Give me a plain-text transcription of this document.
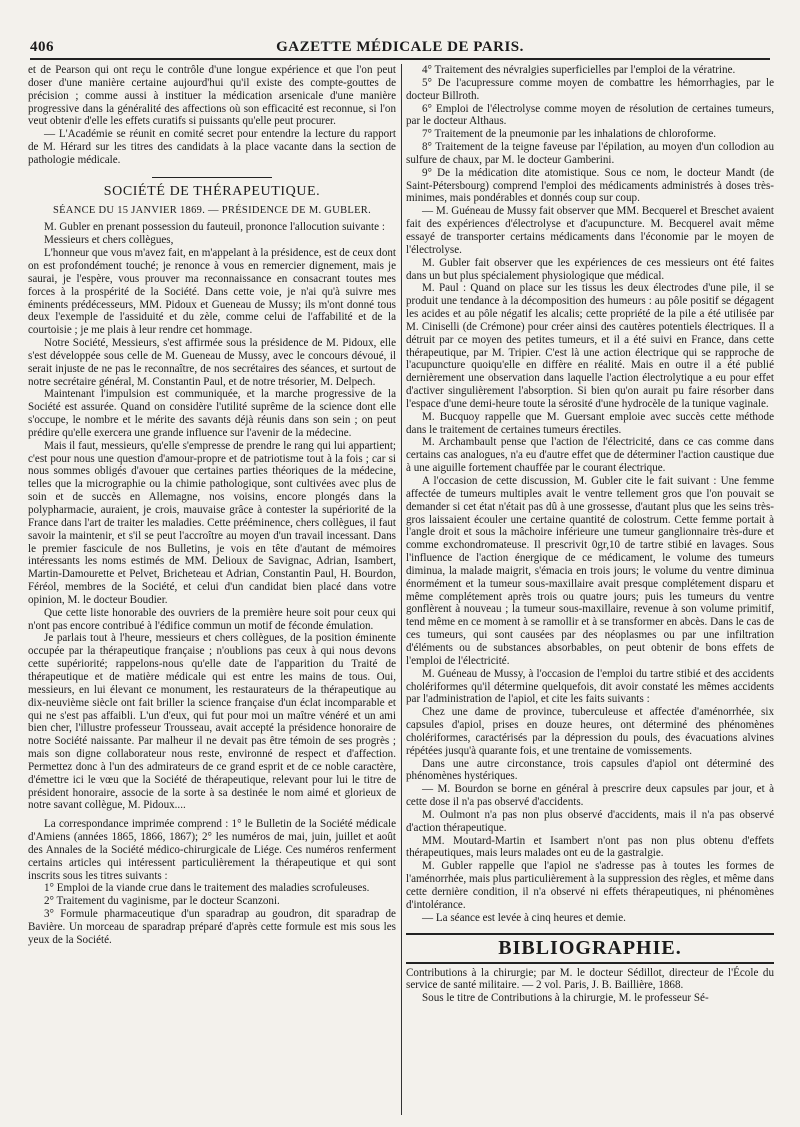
406	GAZETTE MÉDICALE DE PARIS.

et de Pearson qui ont reçu le contrôle d'une longue expérience et que l'on peut doser d'une manière certaine aujourd'hui qu'il existe des compte-gouttes de précision ; comme aussi à instituer la médication arsenicale d'une manière progressive dans la généralité des affections où son efficacité est reconnue, si l'on veut obtenir d'elle les effets curatifs si puissants qu'elle peut procurer.

— L'Académie se réunit en comité secret pour entendre la lecture du rapport de M. Hérard sur les titres des candidats à la place vacante dans la section de pathologie médicale.

SOCIÉTÉ DE THÉRAPEUTIQUE.

SÉANCE DU 15 JANVIER 1869. — PRÉSIDENCE DE M. GUBLER.

M. Gubler en prenant possession du fauteuil, prononce l'allocution suivante :

Messieurs et chers collègues,

L'honneur que vous m'avez fait, en m'appelant à la présidence, est de ceux dont on est profondément touché; je renonce à vous en remercier dignement, mais je saurai, je l'espère, vous prouver ma reconnaissance en consacrant toutes mes forces à la prospérité de la Société. Dans cette voie, je n'ai qu'à suivre mes éminents prédécesseurs, MM. Pidoux et Gueneau de Mussy; ils m'ont donné tous deux l'exemple de l'assiduité et du zèle, comme celui de l'affabilité et de la courtoisie ; je me plais à leur rendre cet hommage.

Notre Société, Messieurs, s'est affirmée sous la présidence de M. Pidoux, elle s'est développée sous celle de M. Gueneau de Mussy, avec le concours dévoué, il serait injuste de ne pas le reconnaître, de nos secrétaires des séances, et surtout de notre secrétaire général, M. Constantin Paul, et de notre trésorier, M. Delpech.

Maintenant l'impulsion est communiquée, et la marche progressive de la Société est assurée. Quand on considère l'utilité suprême de la science dont elle s'occupe, le nombre et le mérite des savants déjà réunis dans son sein ; on peut prédire qu'elle exercera une grande influence sur l'avenir de la médecine.

Mais il faut, messieurs, qu'elle s'empresse de prendre le rang qui lui appartient; c'est pour nous une question d'amour-propre et de patriotisme tout à la fois ; car si nous sommes obligés d'avouer que certaines parties théoriques de la médecine, telles que la micrographie ou la chimie pathologique, sont cultivées avec plus de soin et de succès en Allemagne, nos voisins, encore plongés dans la polypharmacie, auraient, je crois, mauvaise grâce à contester la supériorité de la France dans l'art de traiter les maladies. Cette prééminence, chers collègues, il faut savoir la maintenir, et s'il se peut l'accroître au moyen d'un travail incessant. Dans le premier fascicule de nos Bulletins, je vois en tête d'autant de mémoires intéressants les noms estimés de MM. Delioux de Savignac, Adrian, Isambert, Martin-Damourette et Pelvet, Bricheteau et Adrian, Constantin Paul, H. Bourdon, Féréol, membres de la Société, et celui d'un candidat bien placé dans votre opinion, M. le docteur Boudier.

Que cette liste honorable des ouvriers de la première heure soit pour ceux qui n'ont pas encore contribué à l'édifice commun un motif de féconde émulation.

Je parlais tout à l'heure, messieurs et chers collègues, de la position éminente occupée par la thérapeutique française ; n'oublions pas ceux à qui nous devons cette supériorité; rappelons-nous qu'elle date de l'apparition du Traité de thérapeutique et de matière médicale qui est entre les mains de tous. Oui, messieurs, en lui élevant ce monument, les restaurateurs de la thérapeutique au dix-neuvième siècle ont fait briller la science française d'un éclat incomparable et qui ne s'est pas affaibli. L'un d'eux, qui fut pour moi un maître vénéré et un ami bien cher, l'illustre professeur Trousseau, avait accepté la présidence honoraire de notre Société naissante. Par malheur il ne devait pas être témoin de ses progrès ; mais son digne collaborateur nous reste, environné de respect et d'affection. Permettez donc à l'un des admirateurs de ce grand esprit et de ce noble caractère, d'émettre ici le vœu que la Société de thérapeutique, relevant pour lui le titre de président honoraire, associe de la sorte à sa destinée le nom aimé et glorieux de notre savant collègue, M. Pidoux....

La correspondance imprimée comprend : 1° le Bulletin de la Société médicale d'Amiens (années 1865, 1866, 1867); 2° les numéros de mai, juin, juillet et août des Annales de la Société médico-chirurgicale de Liége. Ces numéros renferment certains articles qui intéressent particulièrement la thérapeutique et qui sont inscrits sous les titres suivants :

1° Emploi de la viande crue dans le traitement des maladies scrofuleuses.

2° Traitement du vaginisme, par le docteur Scanzoni.

3° Formule pharmaceutique d'un sparadrap au goudron, dit sparadrap de Bavière. Un morceau de sparadrap préparé d'après cette formule est mis sous les yeux de la Société.

4° Traitement des névralgies superficielles par l'emploi de la vératrine.

5° De l'acupressure comme moyen de combattre les hémorrhagies, par le docteur Billroth.

6° Emploi de l'électrolyse comme moyen de résolution de certaines tumeurs, par le docteur Althaus.

7° Traitement de la pneumonie par les inhalations de chloroforme.

8° Traitement de la teigne faveuse par l'épilation, au moyen d'un collodion au sulfure de chaux, par M. le docteur Gamberini.

9° De la médication dite atomistique. Sous ce nom, le docteur Mandt (de Saint-Pétersbourg) comprend l'emploi des médicaments administrés à doses très-minimes, mais pondérables et donnés coup sur coup.

— M. Guéneau de Mussy fait observer que MM. Becquerel et Breschet avaient fait des expériences d'électrolyse et d'acupuncture. M. Becquerel avait même essayé de transporter certains médicaments dans l'économie par le moyen de l'électrolyse.

M. Gubler fait observer que les expériences de ces messieurs ont été faites dans un but plus spécialement physiologique que médical.

M. Paul : Quand on place sur les tissus les deux électrodes d'une pile, il se produit une tendance à la décomposition des humeurs : au pôle positif se dégagent les acides et au pôle négatif les alcalis; cette propriété de la pile a été utilisée par M. Ciniselli (de Crémone) pour créer ainsi des cautères potentiels électriques. Il a détruit par ce moyen des petites tumeurs, et il a été suivi en France, dans cette thérapeutique, par M. Tripier. C'est là une action électrique qui se rapproche de l'acupuncture quoiqu'elle en diffère en réalité. Mais en outre il a été publié dernièrement une observation dans laquelle l'action électrolytique a eu pour effet d'activer singulièrement l'absorption. Si bien qu'on aurait pu faire résorber dans l'espace d'une demi-heure toute la sérosité d'une hydrocèle de la tunique vaginale.

M. Bucquoy rappelle que M. Guersant emploie avec succès cette méthode dans le traitement de certaines tumeurs érectiles.

M. Archambault pense que l'action de l'électricité, dans ce cas comme dans certains cas analogues, n'a eu d'autre effet que de déterminer l'action caustique due à une aiguille fortement chauffée par le courant électrique.

A l'occasion de cette discussion, M. Gubler cite le fait suivant : Une femme affectée de tumeurs multiples avait le ventre tellement gros que l'on pouvait se demander si cet état n'était pas dû à une grossesse, d'autant plus que les seins très-gros laissaient écouler une certaine quantité de colostrum. Cette femme portait à l'angle droit et sous la mâchoire inférieure une tumeur ganglionnaire très-dure et comme exchondromateuse. Il prescrivit 0gr,10 de tartre stibié en lavages. Sous l'influence de l'action énergique de ce médicament, le volume des tumeurs diminua, la malade maigrit, s'émacia en trois jours; le volume du ventre diminua énormément et la tumeur sous-maxillaire avait presque complétement disparu et même complétement après trois ou quatre jours; puis les tumeurs du ventre gonflèrent à nouveau ; la tumeur sous-maxillaire, revenue à son volume primitif, tend même en ce moment à se ramollir et à se transformer en abcès. Dans le cas de ces tumeurs, qui sont causées par des néoplasmes ou par une infiltration d'éléments ou de substances absorbables, on peut obtenir de bons effets de l'emploi de l'électricité.

M. Guéneau de Mussy, à l'occasion de l'emploi du tartre stibié et des accidents cholériformes qu'il détermine quelquefois, dit avoir constaté les mêmes accidents par l'administration de l'apiol, et cite les faits suivants :

Chez une dame de province, tuberculeuse et affectée d'aménorrhée, six capsules d'apiol, prises en douze heures, ont déterminé des phénomènes cholériformes, caractérisés par la dépression du pouls, des évacuations alvines répétées jusqu'à quarante fois, et une trentaine de vomissements.

Dans une autre circonstance, trois capsules d'apiol ont déterminé des phénomènes hystériques.

— M. Bourdon se borne en général à prescrire deux capsules par jour, et à cette dose il n'a pas observé d'accidents.

M. Oulmont n'a pas non plus observé d'accidents, mais il n'a pas observé d'action thérapeutique.

MM. Moutard-Martin et Isambert n'ont pas non plus obtenu d'effets thérapeutiques, mais leurs malades ont eu de la gastralgie.

M. Gubler rappelle que l'apiol ne s'adresse pas à toutes les formes de l'aménorrhée, mais plus particulièrement à la suppression des règles, et même dans cette dernière condition, il n'a observé ni effets thérapeutiques, ni phénomènes d'intolérance.

— La séance est levée à cinq heures et demie.

BIBLIOGRAPHIE.

Contributions à la chirurgie; par M. le docteur Sédillot, directeur de l'École du service de santé militaire. — 2 vol. Paris, J. B. Baillière, 1868.

Sous le titre de Contributions à la chirurgie, M. le professeur Sé-
